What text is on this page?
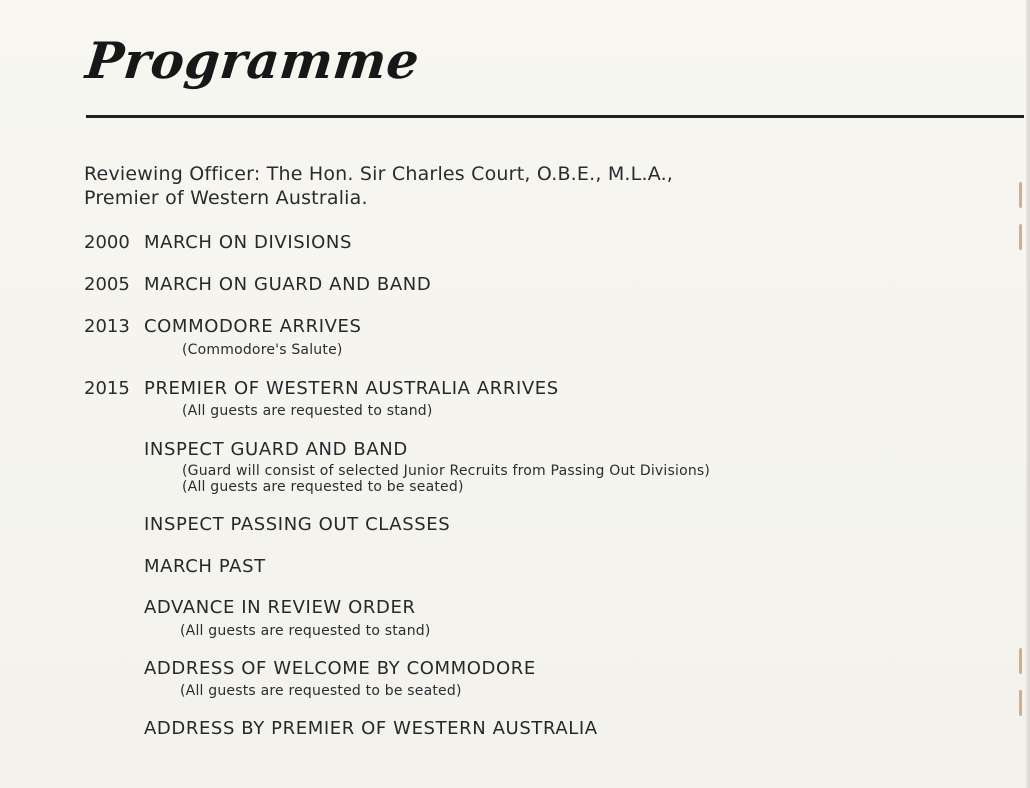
Programme
Reviewing Officer: The Hon. Sir Charles Court, O.B.E., M.L.A.,
Premier of Western Australia.
2000 MARCH ON DIVISIONS
2005 MARCH ON GUARD AND BAND
2013 COMMODORE ARRIVES
(Commodore's Salute)
2015 PREMIER OF WESTERN AUSTRALIA ARRIVES
(All guests are requested to stand)
INSPECT GUARD AND BAND
(Guard will consist of selected Junior Recruits from Passing Out Divisions)
(All guests are requested to be seated)
INSPECT PASSING OUT CLASSES
MARCH PAST
ADVANCE IN REVIEW ORDER
(All guests are requested to stand)
ADDRESS OF WELCOME BY COMMODORE
(All guests are requested to be seated)
ADDRESS BY PREMIER OF WESTERN AUSTRALIA
